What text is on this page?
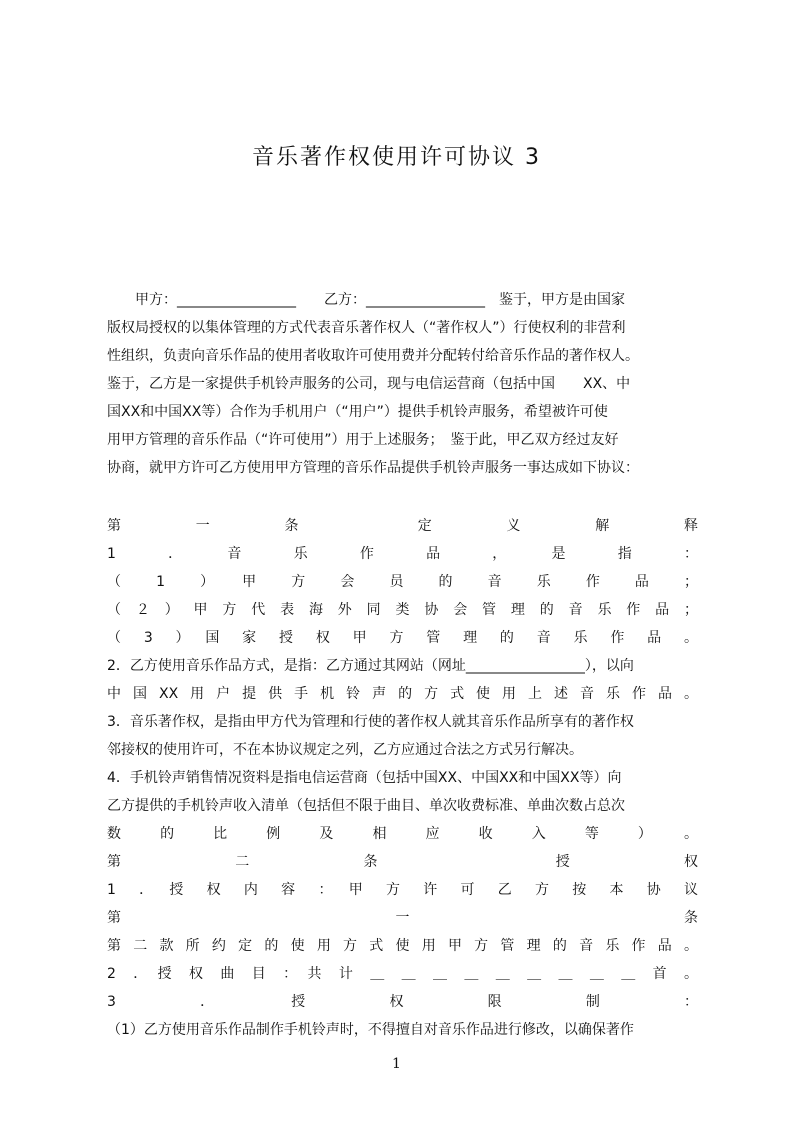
音乐著作权使用许可协议 3
　　甲方：_________________　　乙方：_________________　鉴于，甲方是由国家
版权局授权的以集体管理的方式代表音乐著作权人（“著作权人”）行使权利的非营利
性组织，负责向音乐作品的使用者收取许可使用费并分配转付给音乐作品的著作权人。
鉴于，乙方是一家提供手机铃声服务的公司，现与电信运营商（包括中国　　XX、中
国XX和中国XX等）合作为手机用户（“用户”）提供手机铃声服务，希望被许可使
用甲方管理的音乐作品（“许可使用”）用于上述服务；　鉴于此，甲乙双方经过友好
协商，就甲方许可乙方使用甲方管理的音乐作品提供手机铃声服务一事达成如下协议：
第　一　条　　定　义　解　释
1　．　音　乐　作　品　，　是　指　：
（　1　）　甲　方　会　员　的　音　乐　作　品　；
（２）甲方代表海外同类协会管理的音乐作品；
（　3　）　国　家　授　权　甲　方　管　理　的　音　乐　作　品　。
2．乙方使用音乐作品方式，是指：乙方通过其网站（网址_________________），以向
中国XX用户提供手机铃声的方式使用上述音乐作品。
3．音乐著作权，是指由甲方代为管理和行使的著作权人就其音乐作品所享有的著作权
邻接权的使用许可，不在本协议规定之列，乙方应通过合法之方式另行解决。
4．手机铃声销售情况资料是指电信运营商（包括中国XX、中国XX和中国XX等）向
乙方提供的手机铃声收入清单（包括但不限于曲目、单次收费标准、单曲次数占总次
数　的　比　例　及　相　应　收　入　等　）　。
第　二　条　　授　权
1　．　授　权　内　容　：　甲　方　许　可　乙　方　按　本　协　议
第　　一　　条
第二款所约定的使用方式使用甲方管理的音乐作品。
2　．　授　权　曲　目　：　共　计　＿　＿　＿　＿　＿　＿　＿　＿　＿　首　。
3　　．　　授　　权　　限　　制　　：
（1）乙方使用音乐作品制作手机铃声时，不得擅自对音乐作品进行修改，以确保著作
1
